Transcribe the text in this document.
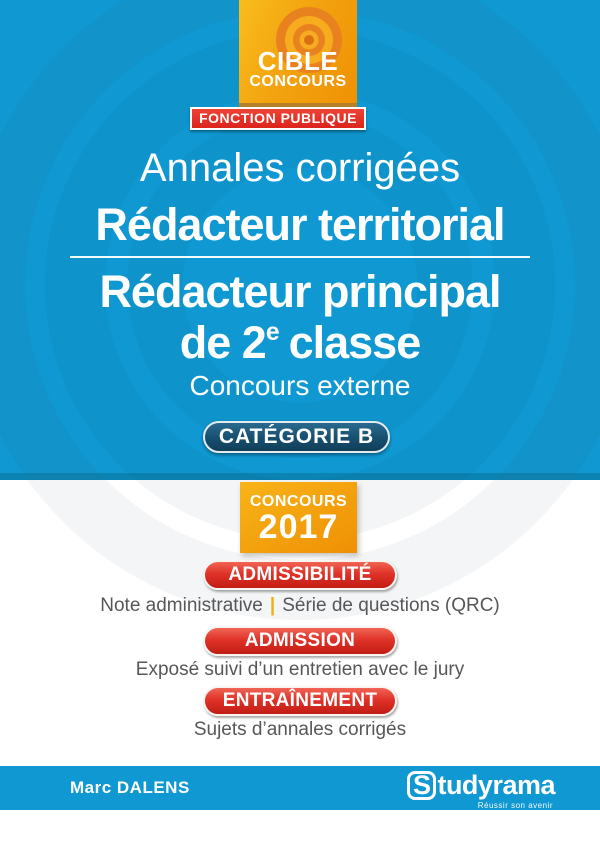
CIBLE
CONCOURS
FONCTION PUBLIQUE
Annales corrigées
Rédacteur territorial
Rédacteur principal
de 2e classe
Concours externe
CATÉGORIE B
CONCOURS
2017
ADMISSIBILITÉ
Note administrative | Série de questions (QRC)
ADMISSION
Exposé suivi d’un entretien avec le jury
ENTRAÎNEMENT
Sujets d’annales corrigés
Marc DALENS	S tudyrama
Réussir son avenir
